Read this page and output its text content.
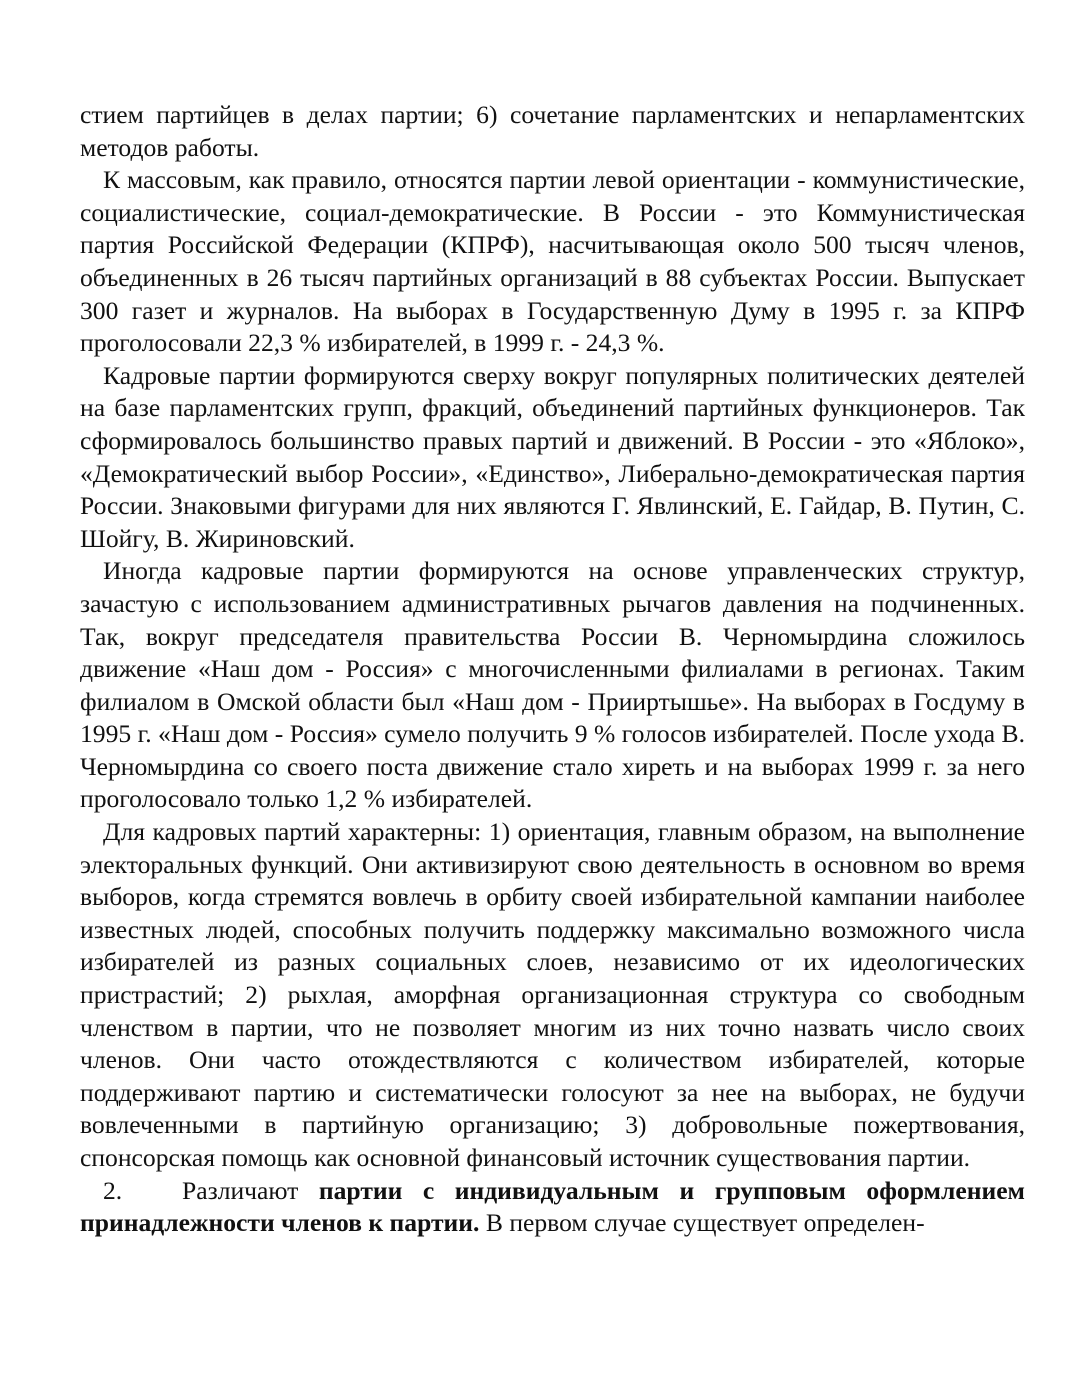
стием партийцев в делах партии; 6) сочетание парламентских и непарламентских методов работы.

К массовым, как правило, относятся партии левой ориентации - коммунистические, социалистические, социал-демократические. В России - это Коммунистическая партия Российской Федерации (КПРФ), насчитывающая около 500 тысяч членов, объединенных в 26 тысяч партийных организаций в 88 субъектах России. Выпускает 300 газет и журналов. На выборах в Государственную Думу в 1995 г. за КПРФ проголосовали 22,3 % избирателей, в 1999 г. - 24,3 %.

Кадровые партии формируются сверху вокруг популярных политических деятелей на базе парламентских групп, фракций, объединений партийных функционеров. Так сформировалось большинство правых партий и движений. В России - это «Яблоко», «Демократический выбор России», «Единство», Либерально-демократическая партия России. Знаковыми фигурами для них являются Г. Явлинский, Е. Гайдар, В. Путин, С. Шойгу, В. Жириновский.

Иногда кадровые партии формируются на основе управленческих структур, зачастую с использованием административных рычагов давления на подчиненных. Так, вокруг председателя правительства России В. Черномырдина сложилось движение «Наш дом - Россия» с многочисленными филиалами в регионах. Таким филиалом в Омской области был «Наш дом - Прииртышье». На выборах в Госдуму в 1995 г. «Наш дом - Россия» сумело получить 9 % голосов избирателей. После ухода В. Черномырдина со своего поста движение стало хиреть и на выборах 1999 г. за него проголосовало только 1,2 % избирателей.

Для кадровых партий характерны: 1) ориентация, главным образом, на выполнение электоральных функций. Они активизируют свою деятельность в основном во время выборов, когда стремятся вовлечь в орбиту своей избирательной кампании наиболее известных людей, способных получить поддержку максимально возможного числа избирателей из разных социальных слоев, независимо от их идеологических пристрастий; 2) рыхлая, аморфная организационная структура со свободным членством в партии, что не позволяет многим из них точно назвать число своих членов. Они часто отождествляются с количеством избирателей, которые поддерживают партию и систематически голосуют за нее на выборах, не будучи вовлеченными в партийную организацию; 3) добровольные пожертвования, спонсорская помощь как основной финансовый источник существования партии.

2. Различают партии с индивидуальным и групповым оформлением принадлежности членов к партии. В первом случае существует определен-
